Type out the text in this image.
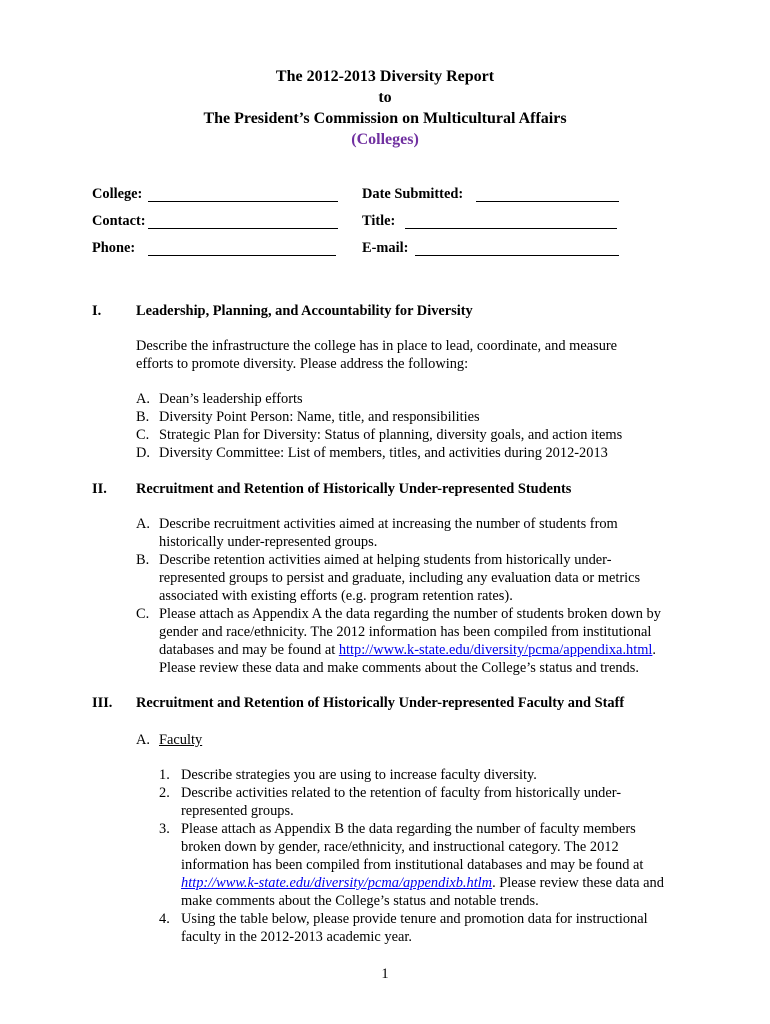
The 2012-2013 Diversity Report
to
The President’s Commission on Multicultural Affairs
(Colleges)
College:	Date Submitted:
Contact:	Title:
Phone:	E-mail:
I. Leadership, Planning, and Accountability for Diversity
Describe the infrastructure the college has in place to lead, coordinate, and measure
efforts to promote diversity. Please address the following:
A. Dean’s leadership efforts
B. Diversity Point Person: Name, title, and responsibilities
C. Strategic Plan for Diversity: Status of planning, diversity goals, and action items
D. Diversity Committee: List of members, titles, and activities during 2012-2013
II. Recruitment and Retention of Historically Under-represented Students
A. Describe recruitment activities aimed at increasing the number of students from
historically under-represented groups.
B. Describe retention activities aimed at helping students from historically under-
represented groups to persist and graduate, including any evaluation data or metrics
associated with existing efforts (e.g. program retention rates).
C. Please attach as Appendix A the data regarding the number of students broken down by
gender and race/ethnicity. The 2012 information has been compiled from institutional
databases and may be found at http://www.k-state.edu/diversity/pcma/appendixa.html.
Please review these data and make comments about the College’s status and trends.
III. Recruitment and Retention of Historically Under-represented Faculty and Staff
A. Faculty
1. Describe strategies you are using to increase faculty diversity.
2. Describe activities related to the retention of faculty from historically under-
represented groups.
3. Please attach as Appendix B the data regarding the number of faculty members
broken down by gender, race/ethnicity, and instructional category. The 2012
information has been compiled from institutional databases and may be found at
http://www.k-state.edu/diversity/pcma/appendixb.htlm. Please review these data and
make comments about the College’s status and notable trends.
4. Using the table below, please provide tenure and promotion data for instructional
faculty in the 2012-2013 academic year.
1
